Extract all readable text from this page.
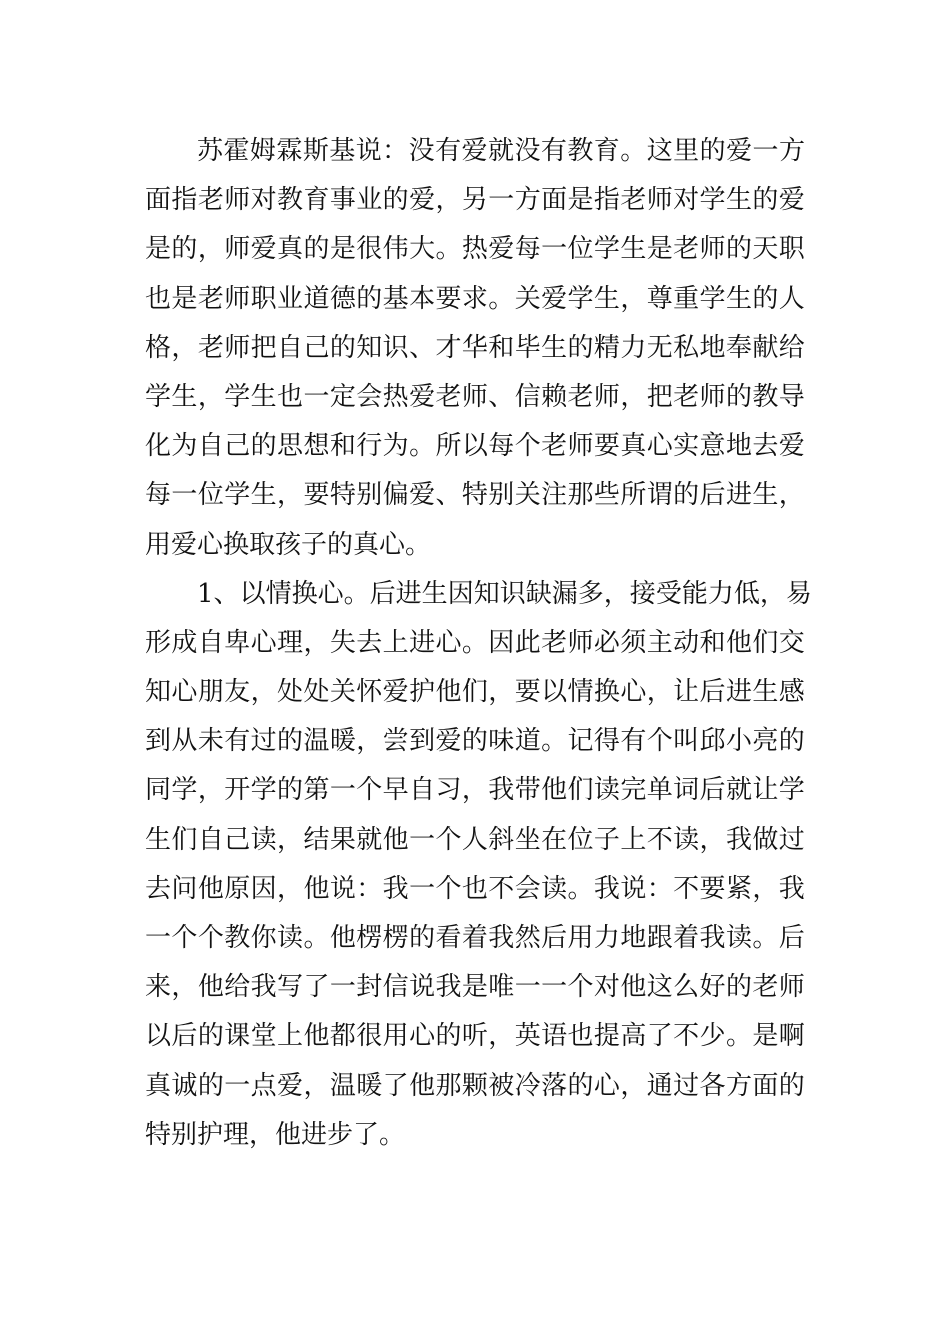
苏 霍 姆 霖 斯 基 说 ： 没 有 爱 就 没 有 教 育 。 这 里 的 爱 一 方
面 指 老 师 对 教 育 事 业 的 爱 ， 另 一 方 面 是 指 老 师 对 学 生 的 爱
是 的 ， 师 爱 真 的 是 很 伟 大 。 热 爱 每 一 位 学 生 是 老 师 的 天 职
也 是 老 师 职 业 道 德 的 基 本 要 求 。 关 爱 学 生 ， 尊 重 学 生 的 人
格 ， 老 师 把 自 己 的 知 识 、 才 华 和 毕 生 的 精 力 无 私 地 奉 献 给
学 生 ， 学 生 也 一 定 会 热 爱 老 师 、 信 赖 老 师 ， 把 老 师 的 教 导
化 为 自 己 的 思 想 和 行 为 。 所 以 每 个 老 师 要 真 心 实 意 地 去 爱
每 一 位 学 生 ， 要 特 别 偏 爱 、 特 别 关 注 那 些 所 谓 的 后 进 生 ，
用爱心换取孩子的真心。
1 、 以 情 换 心 。 后 进 生 因 知 识 缺 漏 多 ， 接 受 能 力 低 ， 易
形 成 自 卑 心 理 ， 失 去 上 进 心 。 因 此 老 师 必 须 主 动 和 他 们 交
知 心 朋 友 ， 处 处 关 怀 爱 护 他 们 ， 要 以 情 换 心 ， 让 后 进 生 感
到 从 未 有 过 的 温 暖 ， 尝 到 爱 的 味 道 。 记 得 有 个 叫 邱 小 亮 的
同 学 ， 开 学 的 第 一 个 早 自 习 ， 我 带 他 们 读 完 单 词 后 就 让 学
生 们 自 己 读 ， 结 果 就 他 一 个 人 斜 坐 在 位 子 上 不 读 ， 我 做 过
去 问 他 原 因 ， 他 说 ： 我 一 个 也 不 会 读 。 我 说 ： 不 要 紧 ， 我
一 个 个 教 你 读 。 他 楞 楞 的 看 着 我 然 后 用 力 地 跟 着 我 读 。 后
来 ， 他 给 我 写 了 一 封 信 说 我 是 唯 一 一 个 对 他 这 么 好 的 老 师
以 后 的 课 堂 上 他 都 很 用 心 的 听 ， 英 语 也 提 高 了 不 少 。 是 啊
真 诚 的 一 点 爱 ， 温 暖 了 他 那 颗 被 冷 落 的 心 ， 通 过 各 方 面 的
特别护理，他进步了。
